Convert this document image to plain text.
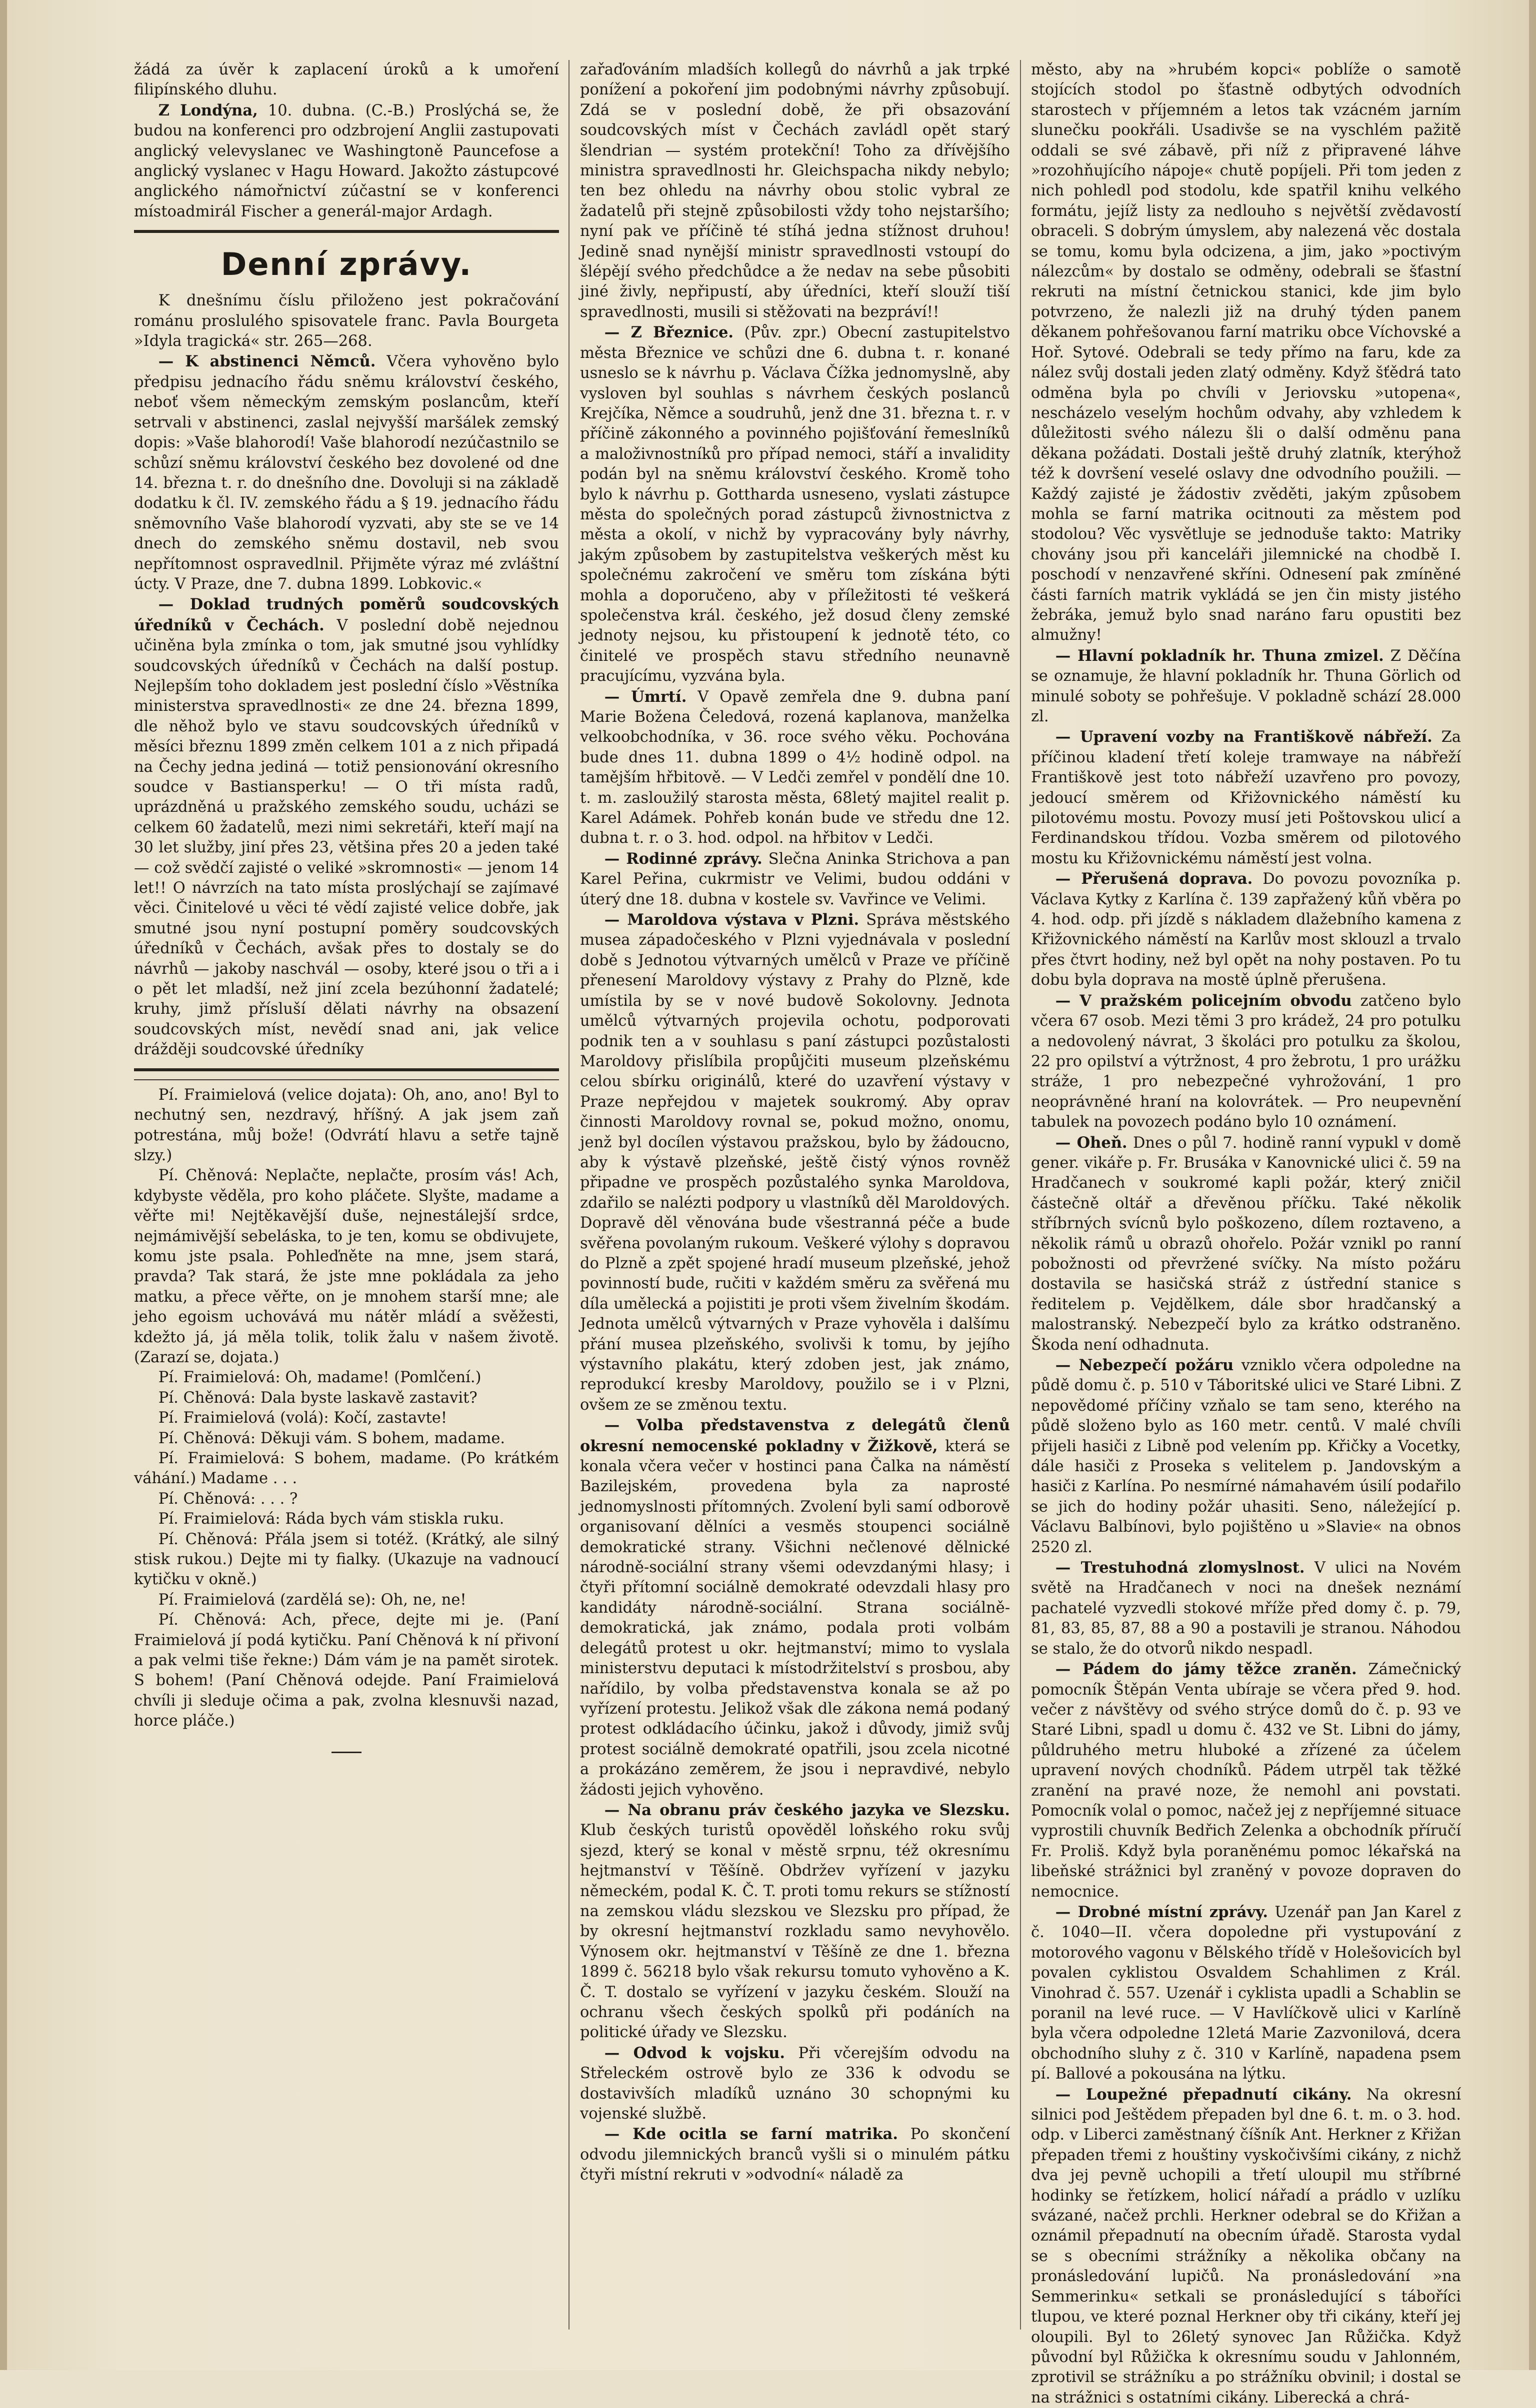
žádá za úvěr k zaplacení úroků a k umoření filipínského dluhu.

Z Londýna, 10. dubna. (C.-B.) Proslýchá se, že budou na konferenci pro odzbrojení Anglii zastupovati anglický velevyslanec ve Washingtoně Pauncefose a anglický vyslanec v Hagu Howard. Jakožto zástupcové anglického námořnictví zúčastní se v konferenci místoadmirál Fischer a generál-major Ardagh.

Denní zprávy.

K dnešnímu číslu přiloženo jest pokračování románu proslulého spisovatele franc. Pavla Bourgeta »Idyla tragická« str. 265—268.

— K abstinenci Němců. Včera vyhověno bylo předpisu jednacího řádu sněmu království českého, neboť všem německým zemským poslancům, kteří setrvali v abstinenci, zaslal nejvyšší maršálek zemský dopis: »Vaše blahorodí! Vaše blahorodí nezúčastnilo se schůzí sněmu království českého bez dovolené od dne 14. března t. r. do dnešního dne. Dovoluji si na základě dodatku k čl. IV. zemského řádu a § 19. jednacího řádu sněmovního Vaše blahorodí vyzvati, aby ste se ve 14 dnech do zemského sněmu dostavil, neb svou nepřítomnost ospravedlnil. Přijměte výraz mé zvláštní úcty. V Praze, dne 7. dubna 1899. Lobkovic.«

— Doklad trudných poměrů soudcovských úředníků v Čechách. V poslední době nejednou učiněna byla zmínka o tom, jak smutné jsou vyhlídky soudcovských úředníků v Čechách na další postup. Nejlepším toho dokladem jest poslední číslo »Věstníka ministerstva spravedlnosti« ze dne 24. března 1899, dle něhož bylo ve stavu soudcovských úředníků v měsíci březnu 1899 změn celkem 101 a z nich připadá na Čechy jedna jediná — totiž pensionování okresního soudce v Bastiansperku! — O tři místa radů, uprázdněná u pražského zemského soudu, ucházi se celkem 60 žadatelů, mezi nimi sekretáři, kteří mají na 30 let služby, jiní přes 23, většina přes 20 a jeden také — což svědčí zajisté o veliké »skromnosti« — jenom 14 let!! O návrzích na tato místa proslýchají se zajímavé věci. Činitelové u věci té vědí zajisté velice dobře, jak smutné jsou nyní postupní poměry soudcovských úředníků v Čechách, avšak přes to dostaly se do návrhů — jakoby naschvál — osoby, které jsou o tři a i o pět let mladší, než jiní zcela bezúhonní žadatelé; kruhy, jimž přísluší dělati návrhy na obsazení soudcovských míst, nevědí snad ani, jak velice drážději soudcovské úředníky

Pí. Fraimielová (velice dojata): Oh, ano, ano! Byl to nechutný sen, nezdravý, hříšný. A jak jsem zaň potrestána, můj bože! (Odvrátí hlavu a setře tajně slzy.)

Pí. Chěnová: Neplačte, neplačte, prosím vás! Ach, kdybyste věděla, pro koho pláčete. Slyšte, madame a věřte mi! Nejtěkavější duše, nejnestálejší srdce, nejmámivější sebeláska, to je ten, komu se obdivujete, komu jste psala. Pohleďněte na mne, jsem stará, pravda? Tak stará, že jste mne pokládala za jeho matku, a přece věřte, on je mnohem starší mne; ale jeho egoism uchovává mu nátěr mládí a svěžesti, kdežto já, já měla tolik, tolik žalu v našem životě. (Zarazí se, dojata.)

Pí. Fraimielová: Oh, madame! (Pomlčení.)

Pí. Chěnová: Dala byste laskavě zastavit?

Pí. Fraimielová (volá): Kočí, zastavte!

Pí. Chěnová: Děkuji vám. S bohem, madame.

Pí. Fraimielová: S bohem, madame. (Po krátkém váhání.) Madame . . .

Pí. Chěnová: . . . ?

Pí. Fraimielová: Ráda bych vám stiskla ruku.

Pí. Chěnová: Přála jsem si totéž. (Krátký, ale silný stisk rukou.) Dejte mi ty fialky. (Ukazuje na vadnoucí kytičku v okně.)

Pí. Fraimielová (zardělá se): Oh, ne, ne!

Pí. Chěnová: Ach, přece, dejte mi je. (Paní Fraimielová jí podá kytičku. Paní Chěnová k ní přivoní a pak velmi tiše řekne:) Dám vám je na pamět sirotek. S bohem! (Paní Chěnová odejde. Paní Fraimielová chvíli ji sleduje očima a pak, zvolna klesnuvši nazad, horce pláče.)

zařaďováním mladších kollegů do návrhů a jak trpké ponížení a pokoření jim podobnými návrhy způsobují. Zdá se v poslední době, že při obsazování soudcovských míst v Čechách zavládl opět starý šlendrian — systém protekční! Toho za dřívějšího ministra spravedlnosti hr. Gleichspacha nikdy nebylo; ten bez ohledu na návrhy obou stolic vybral ze žadatelů při stejně způsobilosti vždy toho nejstaršího; nyní pak ve příčině té stíhá jedna stížnost druhou! Jedině snad nynější ministr spravedlnosti vstoupí do šlépějí svého předchůdce a že nedav na sebe působiti jiné živly, nepřipustí, aby úředníci, kteří slouží tiší spravedlnosti, musili si stěžovati na bezpráví!!

— Z Březnice. (Pův. zpr.) Obecní zastupitelstvo města Březnice ve schůzi dne 6. dubna t. r. konané usneslo se k návrhu p. Václava Čížka jednomyslně, aby vysloven byl souhlas s návrhem českých poslanců Krejčíka, Němce a soudruhů, jenž dne 31. března t. r. v příčině zákonného a povinného pojišťování řemeslníků a maloživnostníků pro případ nemoci, stáří a invalidity podán byl na sněmu království českého. Kromě toho bylo k návrhu p. Gottharda usneseno, vyslati zástupce města do společných porad zástupců živnostnictva z města a okolí, v nichž by vypracovány byly návrhy, jakým způsobem by zastupitelstva veškerých měst ku společnému zakročení ve směru tom získána býti mohla a doporučeno, aby v příležitosti té veškerá společenstva král. českého, jež dosud členy zemské jednoty nejsou, ku přistoupení k jednotě této, co činitelé ve prospěch stavu středního neunavně pracujícímu, vyzvána byla.

— Úmrtí. V Opavě zemřela dne 9. dubna paní Marie Božena Čeledová, rozená kaplanova, manželka velkoobchodníka, v 36. roce svého věku. Pochována bude dnes 11. dubna 1899 o 4½ hodině odpol. na tamějším hřbitově. — V Ledči zemřel v pondělí dne 10. t. m. zasloužilý starosta města, 68letý majitel realit p. Karel Adámek. Pohřeb konán bude ve středu dne 12. dubna t. r. o 3. hod. odpol. na hřbitov v Ledči.

— Rodinné zprávy. Slečna Aninka Strichova a pan Karel Peřina, cukrmistr ve Velimi, budou oddáni v úterý dne 18. dubna v kostele sv. Vavřince ve Velimi.

— Maroldova výstava v Plzni. Správa městského musea západočeského v Plzni vyjednávala v poslední době s Jednotou výtvarných umělců v Praze ve příčině přenesení Maroldovy výstavy z Prahy do Plzně, kde umístila by se v nové budově Sokolovny. Jednota umělců výtvarných projevila ochotu, podporovati podnik ten a v souhlasu s paní zástupci pozůstalosti Maroldovy přislíbila propůjčiti museum plzeňskému celou sbírku originálů, které do uzavření výstavy v Praze nepřejdou v majetek soukromý. Aby oprav činnosti Maroldovy rovnal se, pokud možno, onomu, jenž byl docílen výstavou pražskou, bylo by žádoucno, aby k výstavě plzeňské, ještě čistý výnos rovněž připadne ve prospěch pozůstalého synka Maroldova, zdařilo se nalézti podpory u vlastníků děl Maroldových. Dopravě děl věnována bude všestranná péče a bude svěřena povolaným rukoum. Veškeré výlohy s dopravou do Plzně a zpět spojené hradí museum plzeňské, jehož povinností bude, ručiti v každém směru za svěřená mu díla umělecká a pojistiti je proti všem živelním škodám. Jednota umělců výtvarných v Praze vyhověla i dalšímu přání musea plzeňského, svolivši k tomu, by jejího výstavního plakátu, který zdoben jest, jak známo, reprodukcí kresby Maroldovy, použilo se i v Plzni, ovšem ze se změnou textu.

— Volba představenstva z delegátů členů okresní nemocenské pokladny v Žižkově, která se konala včera večer v hostinci pana Čalka na náměstí Bazilejském, provedena byla za naprosté jednomyslnosti přítomných. Zvolení byli samí odborově organisovaní dělníci a vesměs stoupenci sociálně demokratické strany. Všichni nečlenové dělnické národně-sociální strany všemi odevzdanými hlasy; i čtyři přítomní sociálně demokraté odevzdali hlasy pro kandidáty národně-sociální. Strana sociálně-demokratická, jak známo, podala proti volbám delegátů protest u okr. hejtmanství; mimo to vyslala ministerstvu deputaci k místodržitelství s prosbou, aby nařídilo, by volba představenstva konala se až po vyřízení protestu. Jelikož však dle zákona nemá podaný protest odkládacího účinku, jakož i důvody, jimiž svůj protest sociálně demokraté opatřili, jsou zcela nicotné a prokázáno zeměrem, že jsou i nepravdivé, nebylo žádosti jejich vyhověno.

— Na obranu práv českého jazyka ve Slezsku. Klub českých turistů opověděl loňského roku svůj sjezd, který se konal v městě srpnu, též okresnímu hejtmanství v Těšíně. Obdržev vyřízení v jazyku německém, podal K. Č. T. proti tomu rekurs se stížností na zemskou vládu slezskou ve Slezsku pro případ, že by okresní hejtmanství rozkladu samo nevyhovělo. Výnosem okr. hejtmanství v Těšíně ze dne 1. března 1899 č. 56218 bylo však rekursu tomuto vyhověno a K. Č. T. dostalo se vyřízení v jazyku českém. Slouží na ochranu všech českých spolků při podáních na politické úřady ve Slezsku.

— Odvod k vojsku. Při včerejším odvodu na Střeleckém ostrově bylo ze 336 k odvodu se dostavivších mladíků uznáno 30 schopnými ku vojenské službě.

— Kde ocitla se farní matrika. Po skončení odvodu jilemnických branců vyšli si o minulém pátku čtyři místní rekruti v »odvodní« náladě za

město, aby na »hrubém kopci« poblíže o samotě stojících stodol po šťastně odbytých odvodních starostech v příjemném a letos tak vzácném jarním slunečku pookřáli. Usadivše se na vyschlém pažitě oddali se své zábavě, při níž z připravené láhve »rozohňujícího nápoje« chutě popíjeli. Při tom jeden z nich pohledl pod stodolu, kde spatřil knihu velkého formátu, jejíž listy za nedlouho s největší zvědavostí obraceli. S dobrým úmyslem, aby nalezená věc dostala se tomu, komu byla odcizena, a jim, jako »poctivým nálezcům« by dostalo se odměny, odebrali se šťastní rekruti na místní četnickou stanici, kde jim bylo potvrzeno, že nalezli již na druhý týden panem děkanem pohřešovanou farní matriku obce Víchovské a Hoř. Sytové. Odebrali se tedy přímo na faru, kde za nález svůj dostali jeden zlatý odměny. Když šťědrá tato odměna byla po chvíli v Jeriovsku »utopena«, nescházelo veselým hochům odvahy, aby vzhledem k důležitosti svého nálezu šli o další odměnu pana děkana požádati. Dostali ještě druhý zlatník, kterýhož též k dovršení veselé oslavy dne odvodního použili. — Každý zajisté je žádostiv zvěděti, jakým způsobem mohla se farní matrika ocitnouti za městem pod stodolou? Věc vysvětluje se jednoduše takto: Matriky chovány jsou při kanceláři jilemnické na chodbě I. poschodí v nenzavřené skříni. Odnesení pak zmíněné části farních matrik vykládá se jen čin misty jistého žebráka, jemuž bylo snad naráno faru opustiti bez almužny!

— Hlavní pokladník hr. Thuna zmizel. Z Děčína se oznamuje, že hlavní pokladník hr. Thuna Görlich od minulé soboty se pohřešuje. V pokladně schází 28.000 zl.

— Upravení vozby na Františkově nábřeží. Za příčinou kladení třetí koleje tramwaye na nábřeží Františkově jest toto nábřeží uzavřeno pro povozy, jedoucí směrem od Křižovnického náměstí ku pilotovému mostu. Povozy musí jeti Poštovskou ulicí a Ferdinandskou třídou. Vozba směrem od pilotového mostu ku Křižovnickému náměstí jest volna.

— Přerušená doprava. Do povozu povozníka p. Václava Kytky z Karlína č. 139 zapřažený kůň vběra po 4. hod. odp. při jízdě s nákladem dlažebního kamena z Křižovnického náměstí na Karlův most sklouzl a trvalo přes čtvrt hodiny, než byl opět na nohy postaven. Po tu dobu byla doprava na mostě úplně přerušena.

— V pražském policejním obvodu zatčeno bylo včera 67 osob. Mezi těmi 3 pro krádež, 24 pro potulku a nedovolený návrat, 3 školáci pro potulku za školou, 22 pro opilství a výtržnost, 4 pro žebrotu, 1 pro urážku stráže, 1 pro nebezpečné vyhrožování, 1 pro neoprávněné hraní na kolovrátek. — Pro neupevnění tabulek na povozech podáno bylo 10 oznámení.

— Oheň. Dnes o půl 7. hodině ranní vypukl v domě gener. vikáře p. Fr. Brusáka v Kanovnické ulici č. 59 na Hradčanech v soukromé kapli požár, který zničil částečně oltář a dřevěnou příčku. Také několik stříbrných svícnů bylo poškozeno, dílem roztaveno, a několik rámů u obrazů ohořelo. Požár vznikl po ranní pobožnosti od převržené svíčky. Na místo požáru dostavila se hasičská stráž z ústřední stanice s ředitelem p. Vejdělkem, dále sbor hradčanský a malostranský. Nebezpečí bylo za krátko odstraněno. Škoda není odhadnuta.

— Nebezpečí požáru vzniklo včera odpoledne na půdě domu č. p. 510 v Táboritské ulici ve Staré Libni. Z nepovědomé příčiny vzňalo se tam seno, kterého na půdě složeno bylo as 160 metr. centů. V malé chvíli přijeli hasiči z Libně pod velením pp. Křičky a Vocetky, dále hasiči z Proseka s velitelem p. Jandovským a hasiči z Karlína. Po nesmírné námahavém úsilí podařilo se jich do hodiny požár uhasiti. Seno, náležející p. Václavu Balbínovi, bylo pojištěno u »Slavie« na obnos 2520 zl.

— Trestuhodná zlomyslnost. V ulici na Novém světě na Hradčanech v noci na dnešek neznámí pachatelé vyzvedli stokové mříže před domy č. p. 79, 81, 83, 85, 87, 88 a 90 a postavili je stranou. Náhodou se stalo, že do otvorů nikdo nespadl.

— Pádem do jámy těžce zraněn. Zámečnický pomocník Štěpán Venta ubíraje se včera před 9. hod. večer z návštěvy od svého strýce domů do č. p. 93 ve Staré Libni, spadl u domu č. 432 ve St. Libni do jámy, půldruhého metru hluboké a zřízené za účelem upravení nových chodníků. Pádem utrpěl tak těžké zranění na pravé noze, že nemohl ani povstati. Pomocník volal o pomoc, načež jej z nepříjemné situace vyprostili chuvník Bedřich Zelenka a obchodník příručí Fr. Proliš. Když byla poraněnému pomoc lékařská na libeňské strážnici byl zraněný v povoze dopraven do nemocnice.

— Drobné místní zprávy. Uzenář pan Jan Karel z č. 1040—II. včera dopoledne při vystupování z motorového vagonu v Bělského třídě v Holešovicích byl povalen cyklistou Osvaldem Schahlimen z Král. Vinohrad č. 557. Uzenář i cyklista upadli a Schablin se poranil na levé ruce. — V Havlíčkově ulici v Karlíně byla včera odpoledne 12letá Marie Zazvonilová, dcera obchodního sluhy z č. 310 v Karlíně, napadena psem pí. Ballové a pokousána na lýtku.

— Loupežné přepadnutí cikány. Na okresní silnici pod Ještědem přepaden byl dne 6. t. m. o 3. hod. odp. v Liberci zaměstnaný číšník Ant. Herkner z Křižan přepaden třemi z houštiny vyskočivšími cikány, z nichž dva jej pevně uchopili a třetí uloupil mu stříbrné hodinky se řetízkem, holicí nářadí a prádlo v uzlíku svázané, načež prchli. Herkner odebral se do Křižan a oznámil přepadnutí na obecním úřadě. Starosta vydal se s obecními strážníky a několika občany na pronásledování lupičů. Na pronásledování »na Semmerinku« setkali se pronásledující s táboříci tlupou, ve které poznal Herkner oby tři cikány, kteří jej oloupili. Byl to 26letý synovec Jan Růžička. Když původní byl Růžička k okresnímu soudu v Jahlonném, zprotivil se strážníku a po strážníku obvinil; i dostal se na strážnici s ostatními cikány. Liberecká a chrá-
